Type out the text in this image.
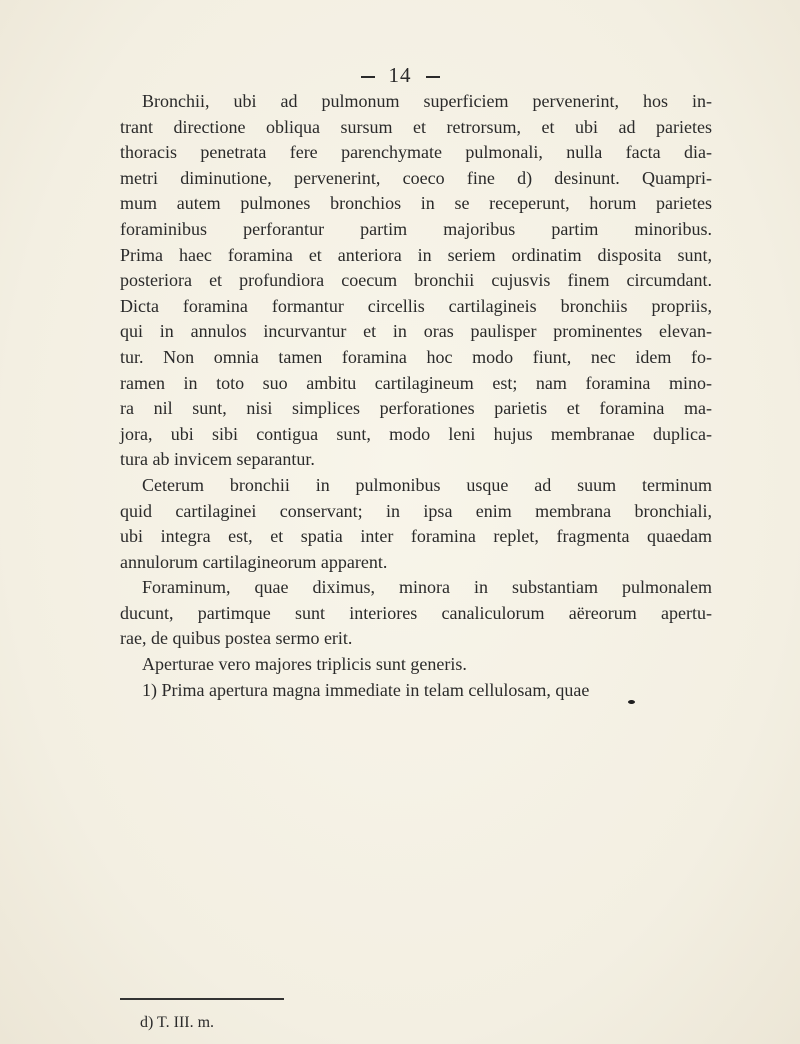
14
Bronchii, ubi ad pulmonum superficiem pervenerint, hos in-
trant directione obliqua sursum et retrorsum, et ubi ad parietes
thoracis penetrata fere parenchymate pulmonali, nulla facta dia-
metri diminutione, pervenerint, coeco fine d) desinunt. Quampri-
mum autem pulmones bronchios in se receperunt, horum parietes
foraminibus perforantur partim majoribus partim minoribus.
Prima haec foramina et anteriora in seriem ordinatim disposita sunt,
posteriora et profundiora coecum bronchii cujusvis finem circumdant.
Dicta foramina formantur circellis cartilagineis bronchiis propriis,
qui in annulos incurvantur et in oras paulisper prominentes elevan-
tur. Non omnia tamen foramina hoc modo fiunt, nec idem fo-
ramen in toto suo ambitu cartilagineum est; nam foramina mino-
ra nil sunt, nisi simplices perforationes parietis et foramina ma-
jora, ubi sibi contigua sunt, modo leni hujus membranae duplica-
tura ab invicem separantur.
Ceterum bronchii in pulmonibus usque ad suum terminum
quid cartilaginei conservant; in ipsa enim membrana bronchiali,
ubi integra est, et spatia inter foramina replet, fragmenta quaedam
annulorum cartilagineorum apparent.
Foraminum, quae diximus, minora in substantiam pulmonalem
ducunt, partimque sunt interiores canaliculorum aëreorum apertu-
rae, de quibus postea sermo erit.
Aperturae vero majores triplicis sunt generis.
1) Prima apertura magna immediate in telam cellulosam, quae
d) T. III. m.
